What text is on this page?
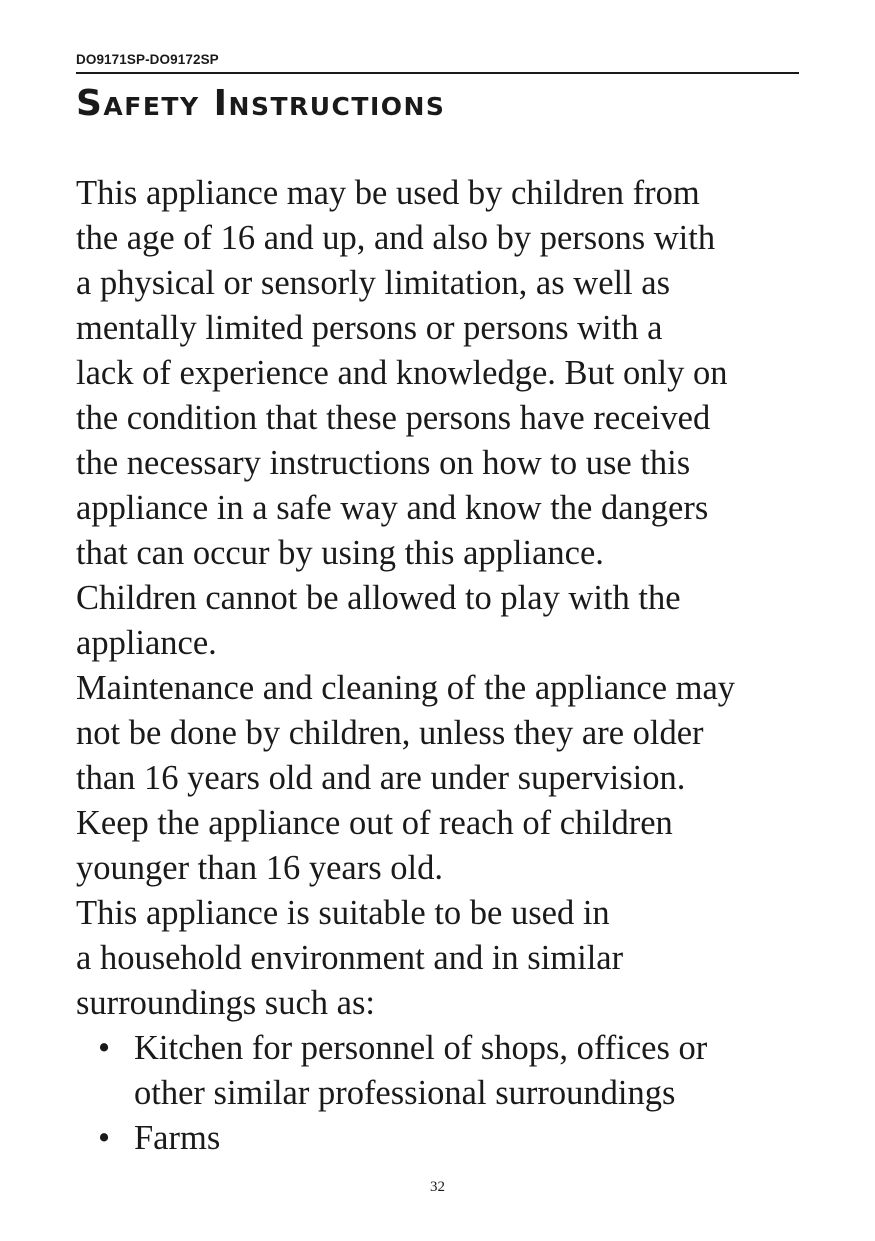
DO9171SP-DO9172SP
Safety Instructions
This appliance may be used by children from
the age of 16 and up, and also by persons with
a physical or sensorly limitation, as well as
mentally limited persons or persons with a
lack of experience and knowledge. But only on
the condition that these persons have received
the necessary instructions on how to use this
appliance in a safe way and know the dangers
that can occur by using this appliance.
Children cannot be allowed to play with the
appliance.
Maintenance and cleaning of the appliance may
not be done by children, unless they are older
than 16 years old and are under supervision.
Keep the appliance out of reach of children
younger than 16 years old.
This appliance is suitable to be used in
a household environment and in similar
surroundings such as:
• Kitchen for personnel of shops, offices or
other similar professional surroundings
• Farms
32
